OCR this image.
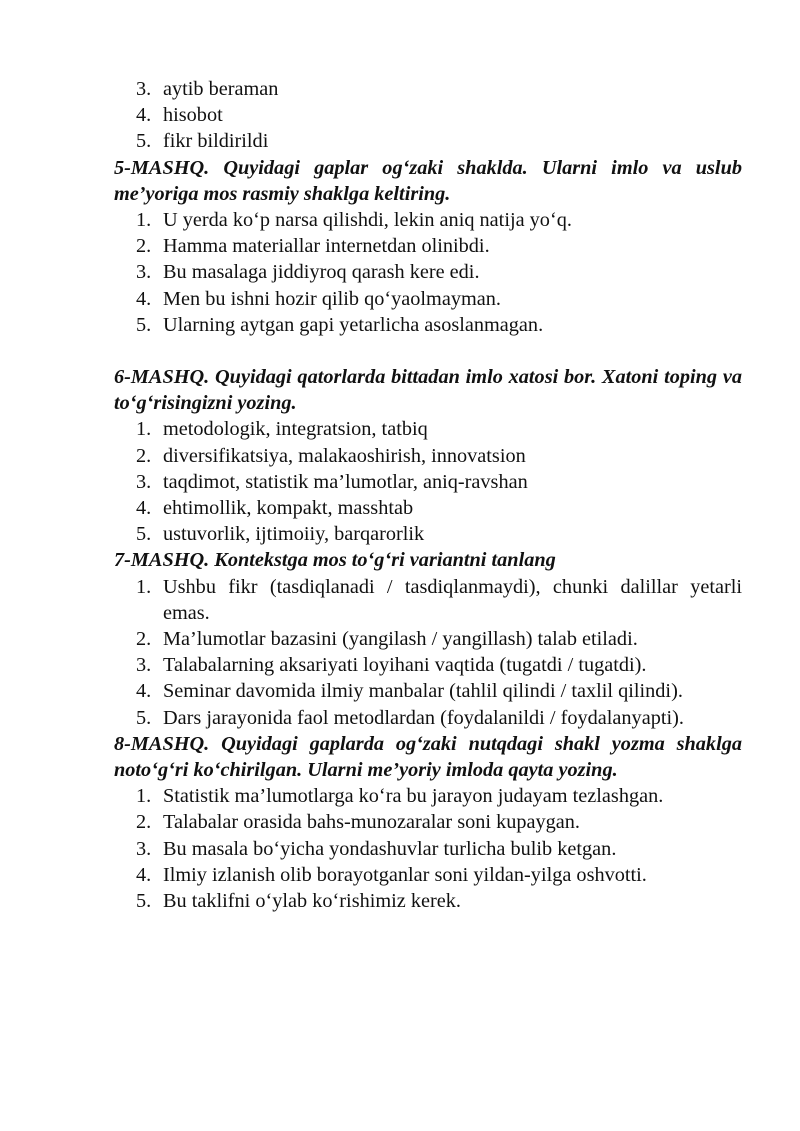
3. aytib beraman
4. hisobot
5. fikr bildirildi

5-MASHQ. Quyidagi gaplar og‘zaki shaklda. Ularni imlo va uslub me’yoriga mos rasmiy shaklga keltiring.

1. U yerda ko‘p narsa qilishdi, lekin aniq natija yo‘q.
2. Hamma materiallar internetdan olinibdi.
3. Bu masalaga jiddiyroq qarash kere edi.
4. Men bu ishni hozir qilib qo‘yaolmayman.
5. Ularning aytgan gapi yetarlicha asoslanmagan.

6-MASHQ. Quyidagi qatorlarda bittadan imlo xatosi bor. Xatoni toping va to‘g‘risingizni yozing.

1. metodologik, integratsion, tatbiq
2. diversifikatsiya, malakaoshirish, innovatsion
3. taqdimot, statistik ma’lumotlar, aniq-ravshan
4. ehtimollik, kompakt, masshtab
5. ustuvorlik, ijtimoiiy, barqarorlik

7-MASHQ. Kontekstga mos to‘g‘ri variantni tanlang

1. Ushbu fikr (tasdiqlanadi / tasdiqlanmaydi), chunki dalillar yetarli emas.
2. Ma’lumotlar bazasini (yangilash / yangillash) talab etiladi.
3. Talabalarning aksariyati loyihani vaqtida (tugatdi / tugatdi).
4. Seminar davomida ilmiy manbalar (tahlil qilindi / taxlil qilindi).
5. Dars jarayonida faol metodlardan (foydalanildi / foydalanyapti).

8-MASHQ. Quyidagi gaplarda og‘zaki nutqdagi shakl yozma shaklga noto‘g‘ri ko‘chirilgan. Ularni me’yoriy imloda qayta yozing.

1. Statistik ma’lumotlarga ko‘ra bu jarayon judayam tezlashgan.
2. Talabalar orasida bahs-munozaralar soni kupaygan.
3. Bu masala bo‘yicha yondashuvlar turlicha bulib ketgan.
4. Ilmiy izlanish olib borayotganlar soni yildan-yilga oshvotti.
5. Bu taklifni o‘ylab ko‘rishimiz kerek.
